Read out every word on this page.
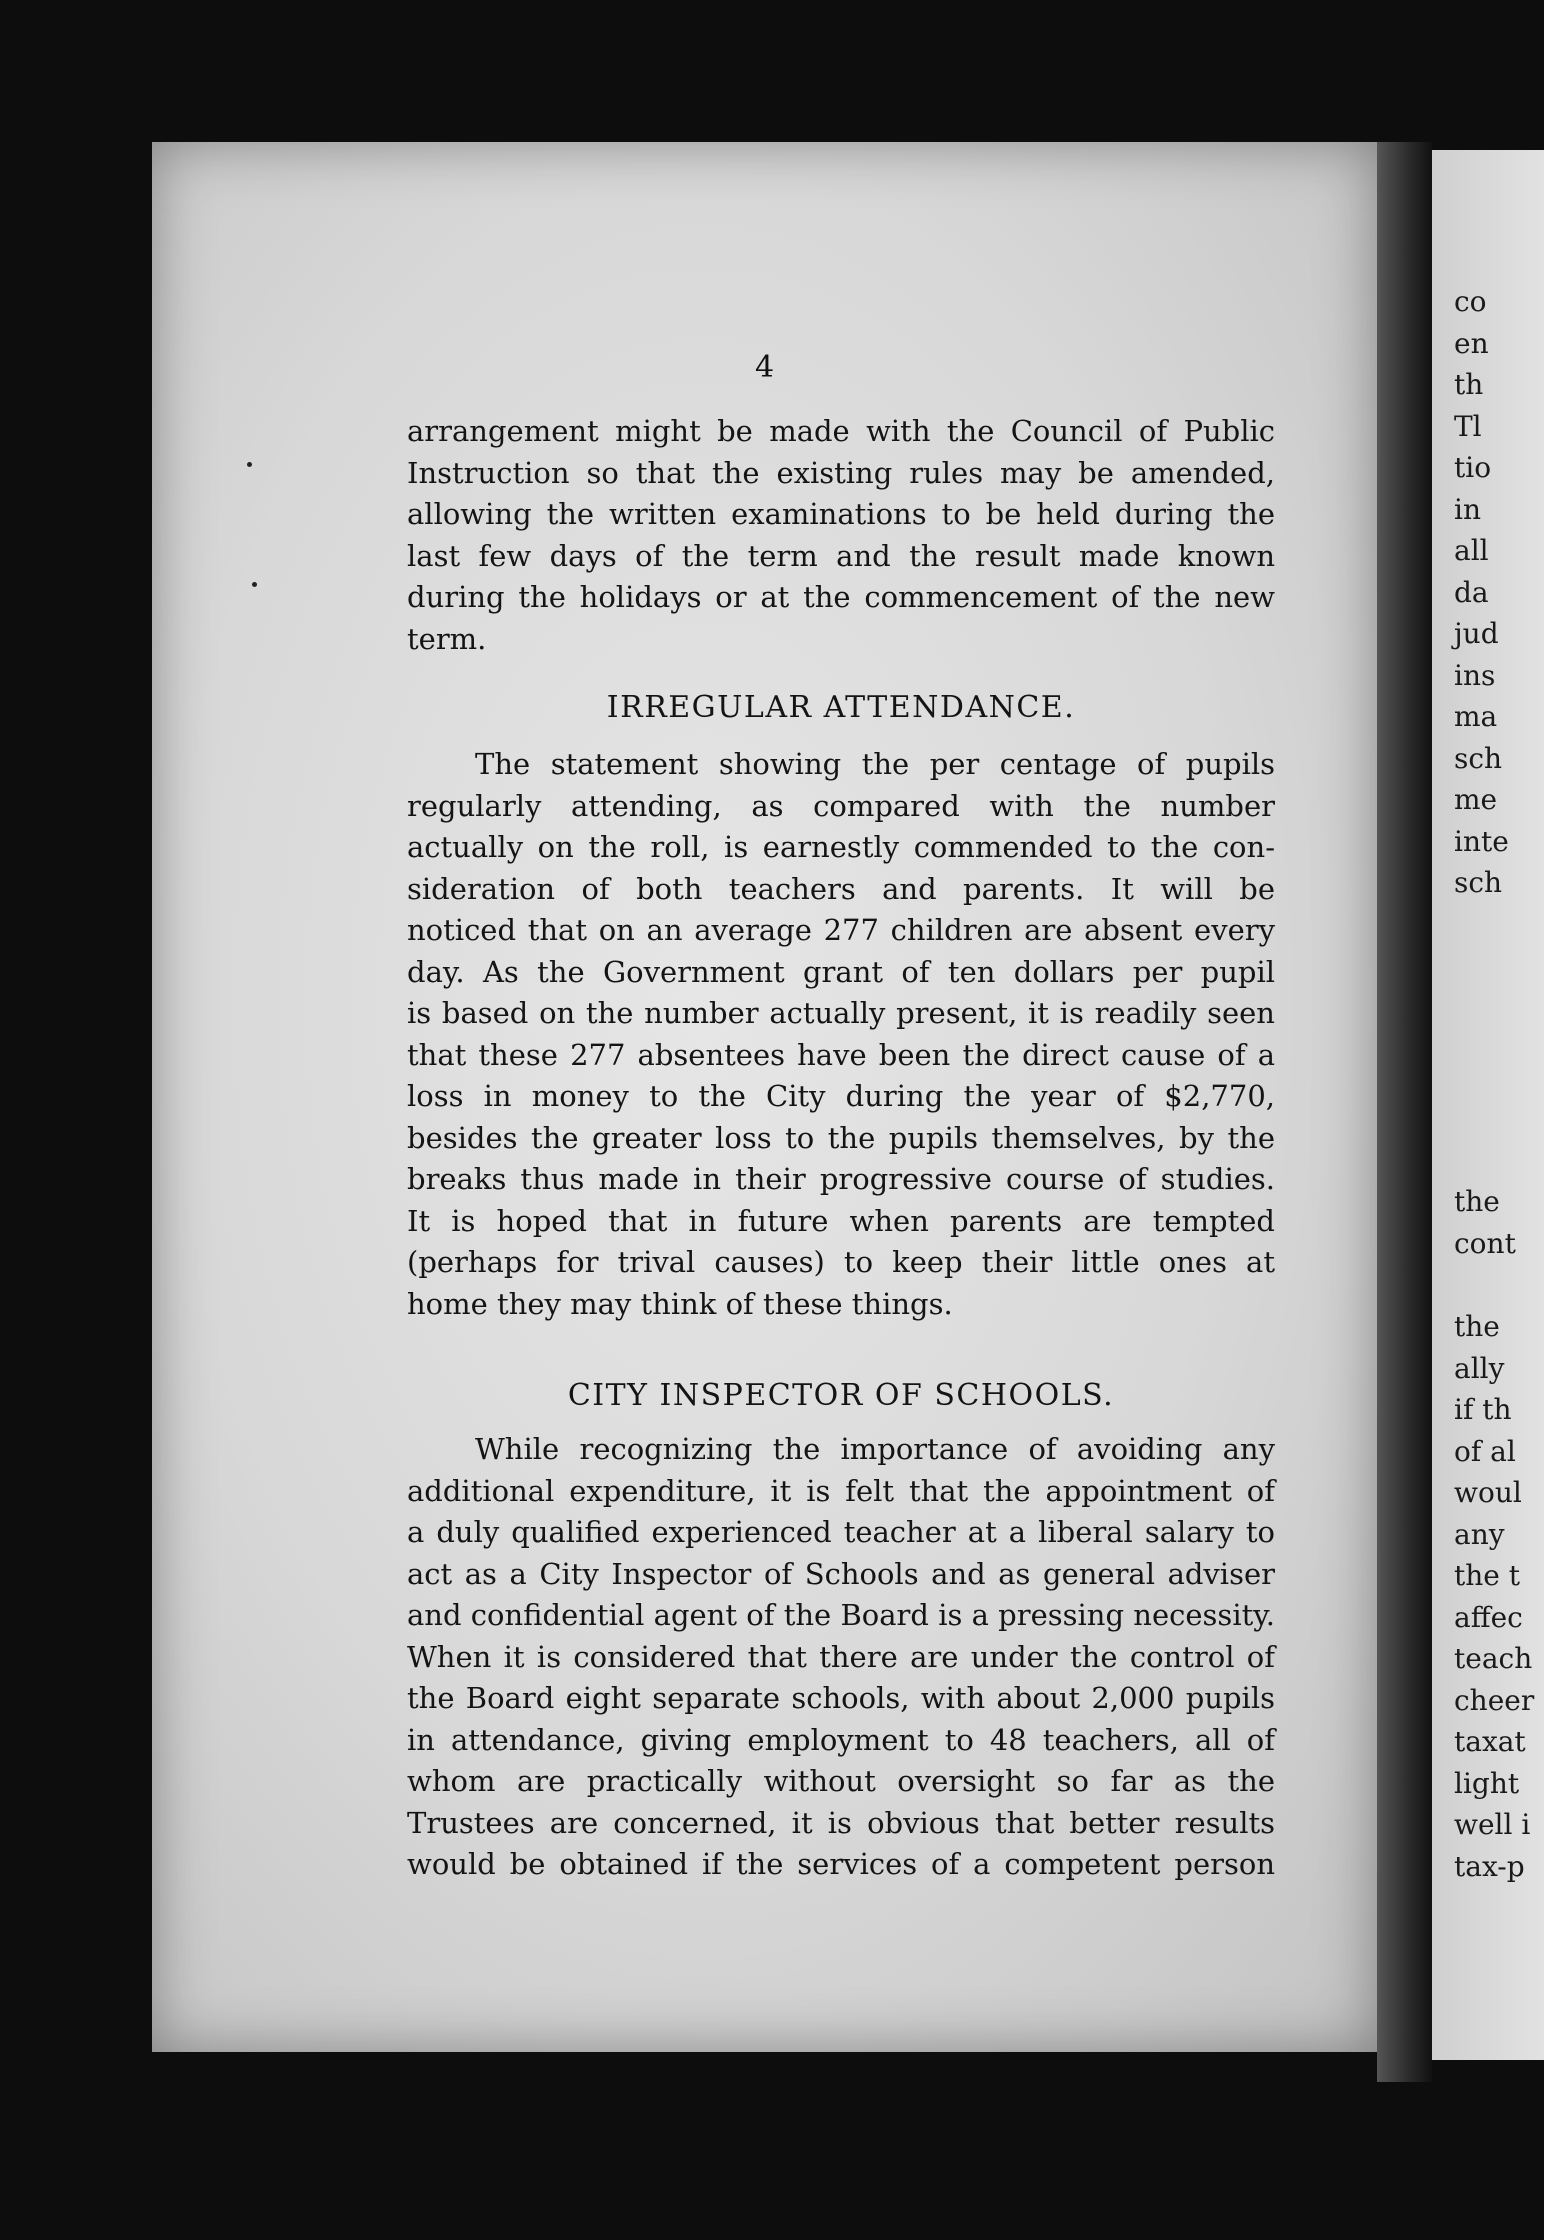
4
arrangement might be made with the Council of Public
Instruction so that the existing rules may be amended,
allowing the written examinations to be held during the
last few days of the term and the result made known
during the holidays or at the commencement of the new
term.
IRREGULAR ATTENDANCE.
The statement showing the per centage of pupils
regularly attending, as compared with the number
actually on the roll, is earnestly commended to the con-
sideration of both teachers and parents. It will be
noticed that on an average 277 children are absent every
day. As the Government grant of ten dollars per pupil
is based on the number actually present, it is readily seen
that these 277 absentees have been the direct cause of a
loss in money to the City during the year of $2,770,
besides the greater loss to the pupils themselves, by the
breaks thus made in their progressive course of studies.
It is hoped that in future when parents are tempted
(perhaps for trival causes) to keep their little ones at
home they may think of these things.
CITY INSPECTOR OF SCHOOLS.
While recognizing the importance of avoiding any
additional expenditure, it is felt that the appointment of
a duly qualified experienced teacher at a liberal salary to
act as a City Inspector of Schools and as general adviser
and confidential agent of the Board is a pressing necessity.
When it is considered that there are under the control of
the Board eight separate schools, with about 2,000 pupils
in attendance, giving employment to 48 teachers, all of
whom are practically without oversight so far as the
Trustees are concerned, it is obvious that better results
would be obtained if the services of a competent person
co
en
th
Tl
tio
in
all
da
jud
ins
ma
sch
me
inte
sch
the
cont
the
ally
if th
of al
woul
any
the t
affec
teach
cheer
taxat
light
well i
tax-p
